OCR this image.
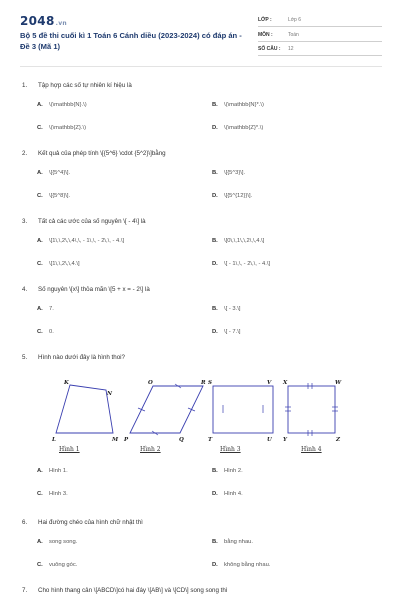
2048.vn
Bộ 5 đề thi cuối kì 1 Toán 6 Cánh diều (2023-2024) có đáp án - Đề 3 (Mã 1)
LỚP :	Lớp 6
MÔN :	Toán
SỐ CÂU :	12
1. Tập hợp các số tự nhiên kí hiệu là
A. \(\mathbb{N}.\)	B. \(\mathbb{N}*.\)
C. \(\mathbb{Z}.\)	D. \(\mathbb{Z}*.\)
2. Kết quả của phép tính \[{5^6} \cdot {5^2}\]bằng
A. \[{5^4}\].	B. \[{5^3}\].
C. \[{5^8}\].	D. \[{5^{12}}\].
3. Tất cả các ước của số nguyên \[ - 4\] là
A. \[1\,\,2\,\,4\,\, - 1\,\, - 2\,\, - 4.\]	B. \[0\,\,1\,\,2\,\,4.\]
C. \[1\,\,2\,\,4.\]	D. \[ - 1\,\, - 2\,\, - 4.\]
4. Số nguyên \[x\] thỏa mãn \[5 + x = - 2\] là
A. 7.	B. \[ - 3.\]
C. 0.	D. \[ - 7.\]
5. Hình nào dưới đây là hình thoi?
K
N
L	M
O	R
P	Q
S	V
T	U
X	W
Y	Z
Hình 1	Hình 2	Hình 3	Hình 4
A. Hình 1.	B. Hình 2.
C. Hình 3.	D. Hình 4.
6. Hai đường chéo của hình chữ nhật thì
A. song song.	B. bằng nhau.
C. vuông góc.	D. không bằng nhau.
7. Cho hình thang cân \[ABCD\]có hai đáy \[AB\] và \[CD\] song song thì
